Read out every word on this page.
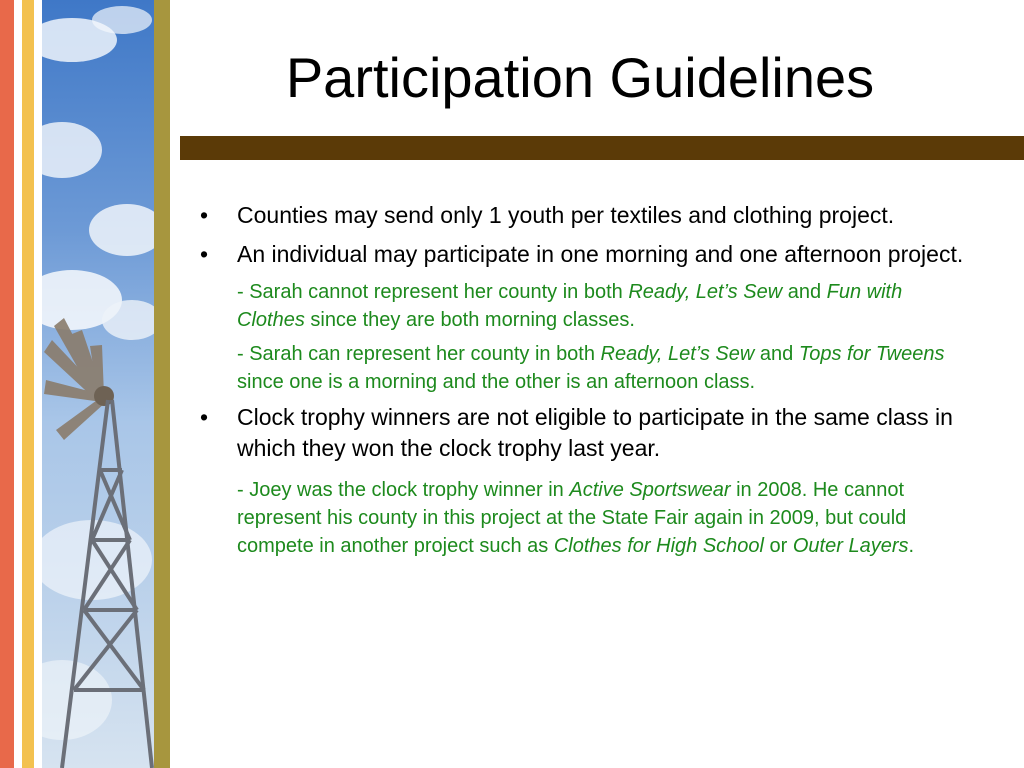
Participation Guidelines
• Counties may send only 1 youth per textiles and clothing project.
• An individual may participate in one morning and one afternoon project.
- Sarah cannot represent her county in both Ready, Let’s Sew and Fun with Clothes since they are both morning classes.
- Sarah can represent her county in both Ready, Let’s Sew and Tops for Tweens since one is a morning and the other is an afternoon class.
• Clock trophy winners are not eligible to participate in the same class in which they won the clock trophy last year.
- Joey was the clock trophy winner in Active Sportswear in 2008. He cannot represent his county in this project at the State Fair again in 2009, but could compete in another project such as Clothes for High School or Outer Layers.
